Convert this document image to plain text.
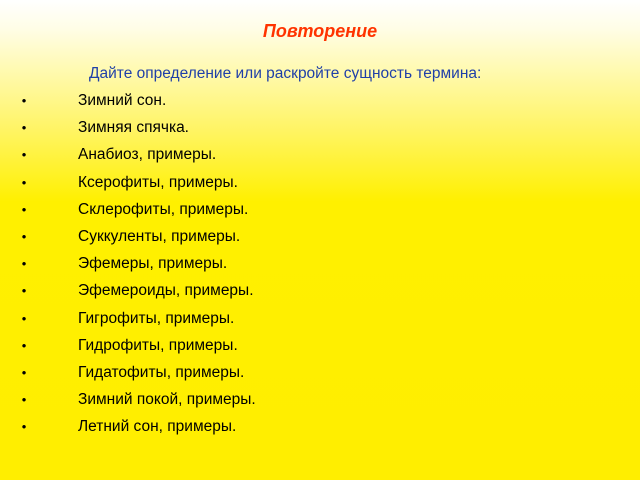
Повторение
Дайте определение или раскройте сущность термина:
•	Зимний сон.
•	Зимняя спячка.
•	Анабиоз, примеры.
•	Ксерофиты, примеры.
•	Склерофиты, примеры.
•	Суккуленты, примеры.
•	Эфемеры, примеры.
•	Эфемероиды, примеры.
•	Гигрофиты, примеры.
•	Гидрофиты, примеры.
•	Гидатофиты, примеры.
•	Зимний покой, примеры.
•	Летний сон, примеры.
